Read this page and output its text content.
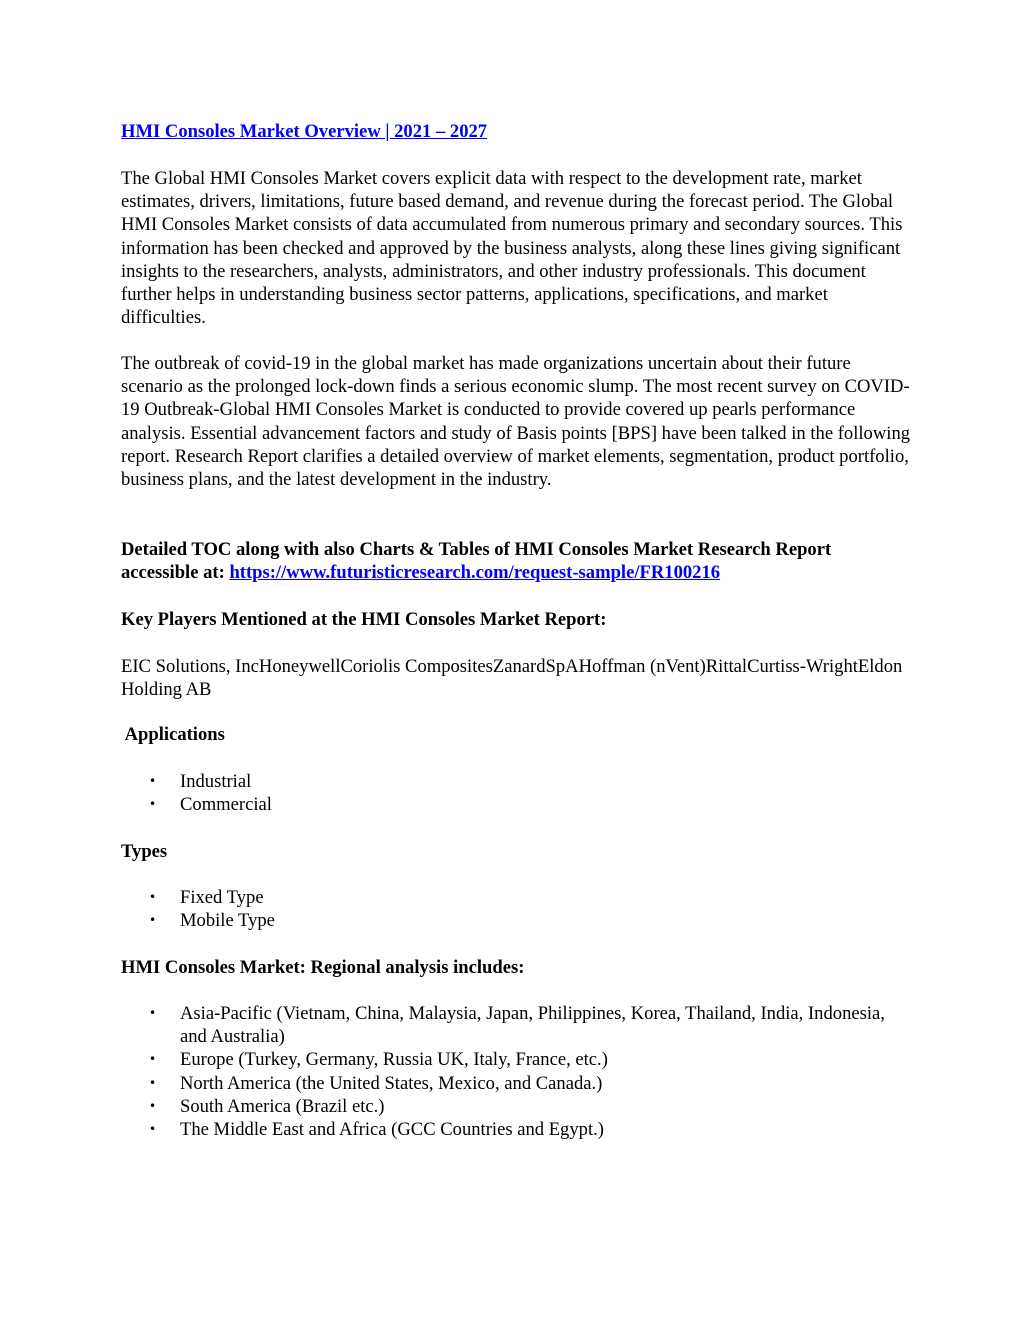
HMI Consoles Market Overview | 2021 – 2027

The Global HMI Consoles Market covers explicit data with respect to the development rate, market estimates, drivers, limitations, future based demand, and revenue during the forecast period. The Global HMI Consoles Market consists of data accumulated from numerous primary and secondary sources. This information has been checked and approved by the business analysts, along these lines giving significant insights to the researchers, analysts, administrators, and other industry professionals. This document further helps in understanding business sector patterns, applications, specifications, and market difficulties.

The outbreak of covid-19 in the global market has made organizations uncertain about their future scenario as the prolonged lock-down finds a serious economic slump. The most recent survey on COVID-19 Outbreak-Global HMI Consoles Market is conducted to provide covered up pearls performance analysis. Essential advancement factors and study of Basis points [BPS] have been talked in the following report. Research Report clarifies a detailed overview of market elements, segmentation, product portfolio, business plans, and the latest development in the industry.

Detailed TOC along with also Charts & Tables of HMI Consoles Market Research Report accessible at: https://www.futuristicresearch.com/request-sample/FR100216

Key Players Mentioned at the HMI Consoles Market Report:

EIC Solutions, IncHoneywellCoriolis CompositesZanardSpAHoffman (nVent)RittalCurtiss-WrightEldon Holding AB

Applications
• Industrial
• Commercial
Types
• Fixed Type
• Mobile Type
HMI Consoles Market: Regional analysis includes:
• Asia-Pacific (Vietnam, China, Malaysia, Japan, Philippines, Korea, Thailand, India, Indonesia, and Australia)
• Europe (Turkey, Germany, Russia UK, Italy, France, etc.)
• North America (the United States, Mexico, and Canada.)
• South America (Brazil etc.)
• The Middle East and Africa (GCC Countries and Egypt.)
